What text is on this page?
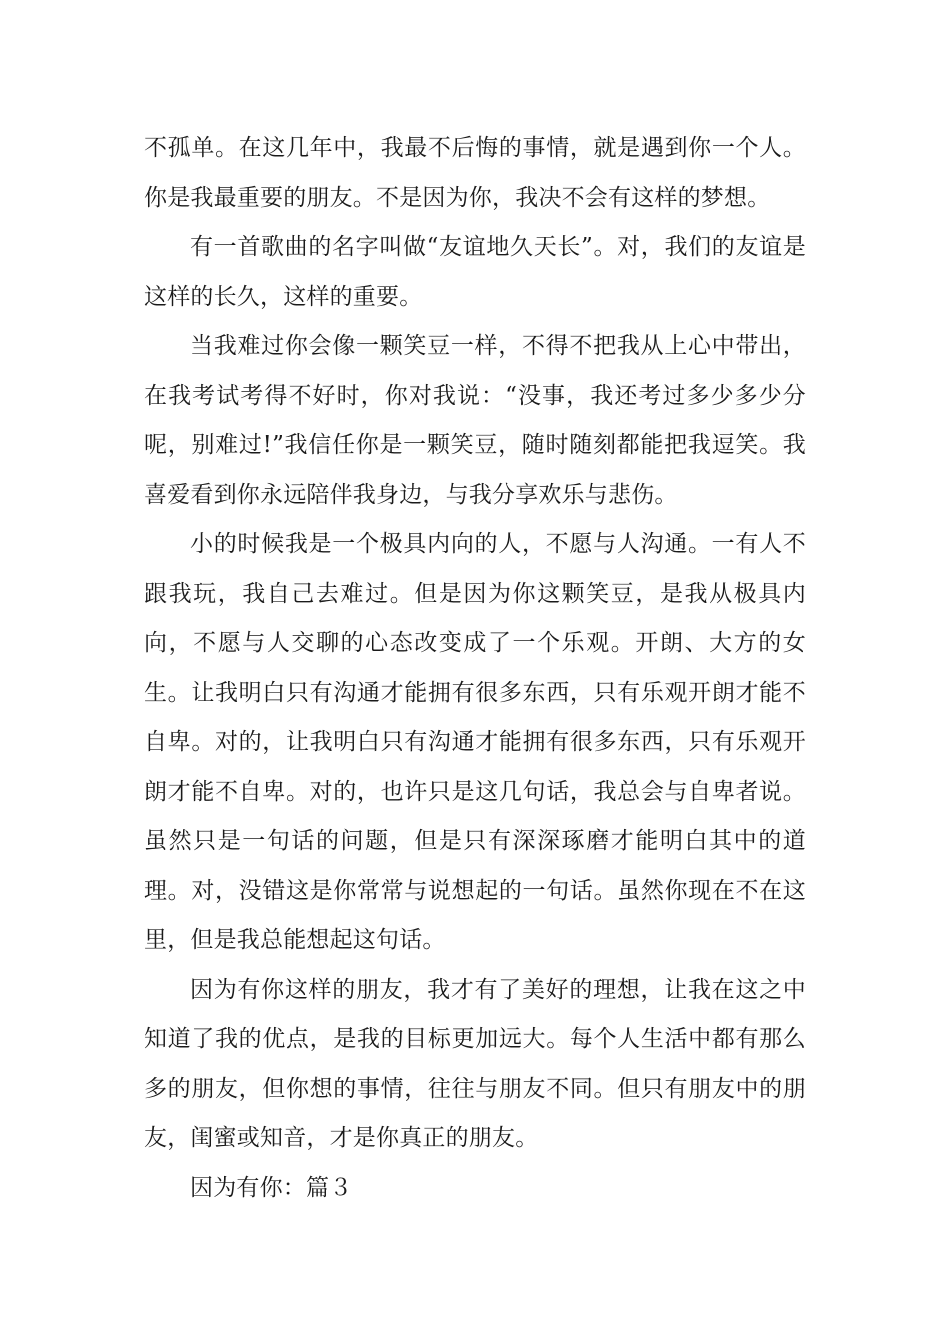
不孤单。在这几年中，我最不后悔的事情，就是遇到你一个人。你是我最重要的朋友。不是因为你，我决不会有这样的梦想。

有一首歌曲的名字叫做“友谊地久天长”。对，我们的友谊是这样的长久，这样的重要。

当我难过你会像一颗笑豆一样，不得不把我从上心中带出，在我考试考得不好时，你对我说：“没事，我还考过多少多少分呢，别难过!”我信任你是一颗笑豆，随时随刻都能把我逗笑。我喜爱看到你永远陪伴我身边，与我分享欢乐与悲伤。

小的时候我是一个极具内向的人，不愿与人沟通。一有人不跟我玩，我自己去难过。但是因为你这颗笑豆，是我从极具内向，不愿与人交聊的心态改变成了一个乐观。开朗、大方的女生。让我明白只有沟通才能拥有很多东西，只有乐观开朗才能不自卑。对的，让我明白只有沟通才能拥有很多东西，只有乐观开朗才能不自卑。对的，也许只是这几句话，我总会与自卑者说。虽然只是一句话的问题，但是只有深深琢磨才能明白其中的道理。对，没错这是你常常与说想起的一句话。虽然你现在不在这里，但是我总能想起这句话。

因为有你这样的朋友，我才有了美好的理想，让我在这之中知道了我的优点，是我的目标更加远大。每个人生活中都有那么多的朋友，但你想的事情，往往与朋友不同。但只有朋友中的朋友，闺蜜或知音，才是你真正的朋友。

因为有你：篇３
